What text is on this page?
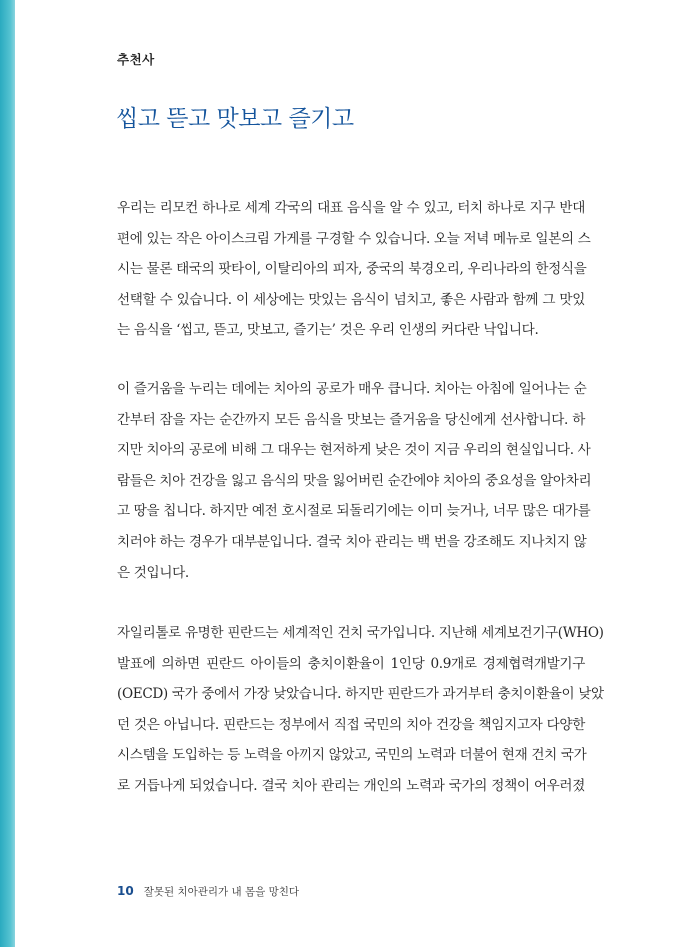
추천사
씹고 뜯고 맛보고 즐기고
우리는 리모컨 하나로 세계 각국의 대표 음식을 알 수 있고, 터치 하나로 지구 반대
편에 있는 작은 아이스크림 가게를 구경할 수 있습니다. 오늘 저녁 메뉴로 일본의 스
시는 물론 태국의 팟타이, 이탈리아의 피자, 중국의 북경오리, 우리나라의 한정식을
선택할 수 있습니다. 이 세상에는 맛있는 음식이 넘치고, 좋은 사람과 함께 그 맛있
는 음식을 ‘씹고, 뜯고, 맛보고, 즐기는’ 것은 우리 인생의 커다란 낙입니다.
이 즐거움을 누리는 데에는 치아의 공로가 매우 큽니다. 치아는 아침에 일어나는 순
간부터 잠을 자는 순간까지 모든 음식을 맛보는 즐거움을 당신에게 선사합니다. 하
지만 치아의 공로에 비해 그 대우는 현저하게 낮은 것이 지금 우리의 현실입니다. 사
람들은 치아 건강을 잃고 음식의 맛을 잃어버린 순간에야 치아의 중요성을 알아차리
고 땅을 칩니다. 하지만 예전 호시절로 되돌리기에는 이미 늦거나, 너무 많은 대가를
치러야 하는 경우가 대부분입니다. 결국 치아 관리는 백 번을 강조해도 지나치지 않
은 것입니다.
자일리톨로 유명한 핀란드는 세계적인 건치 국가입니다. 지난해 세계보건기구(WHO)
발표에 의하면 핀란드 아이들의 충치이환율이 1인당 0.9개로 경제협력개발기구
(OECD) 국가 중에서 가장 낮았습니다. 하지만 핀란드가 과거부터 충치이환율이 낮았
던 것은 아닙니다. 핀란드는 정부에서 직접 국민의 치아 건강을 책임지고자 다양한
시스템을 도입하는 등 노력을 아끼지 않았고, 국민의 노력과 더불어 현재 건치 국가
로 거듭나게 되었습니다. 결국 치아 관리는 개인의 노력과 국가의 정책이 어우러졌
10 잘못된 치아관리가 내 몸을 망친다
